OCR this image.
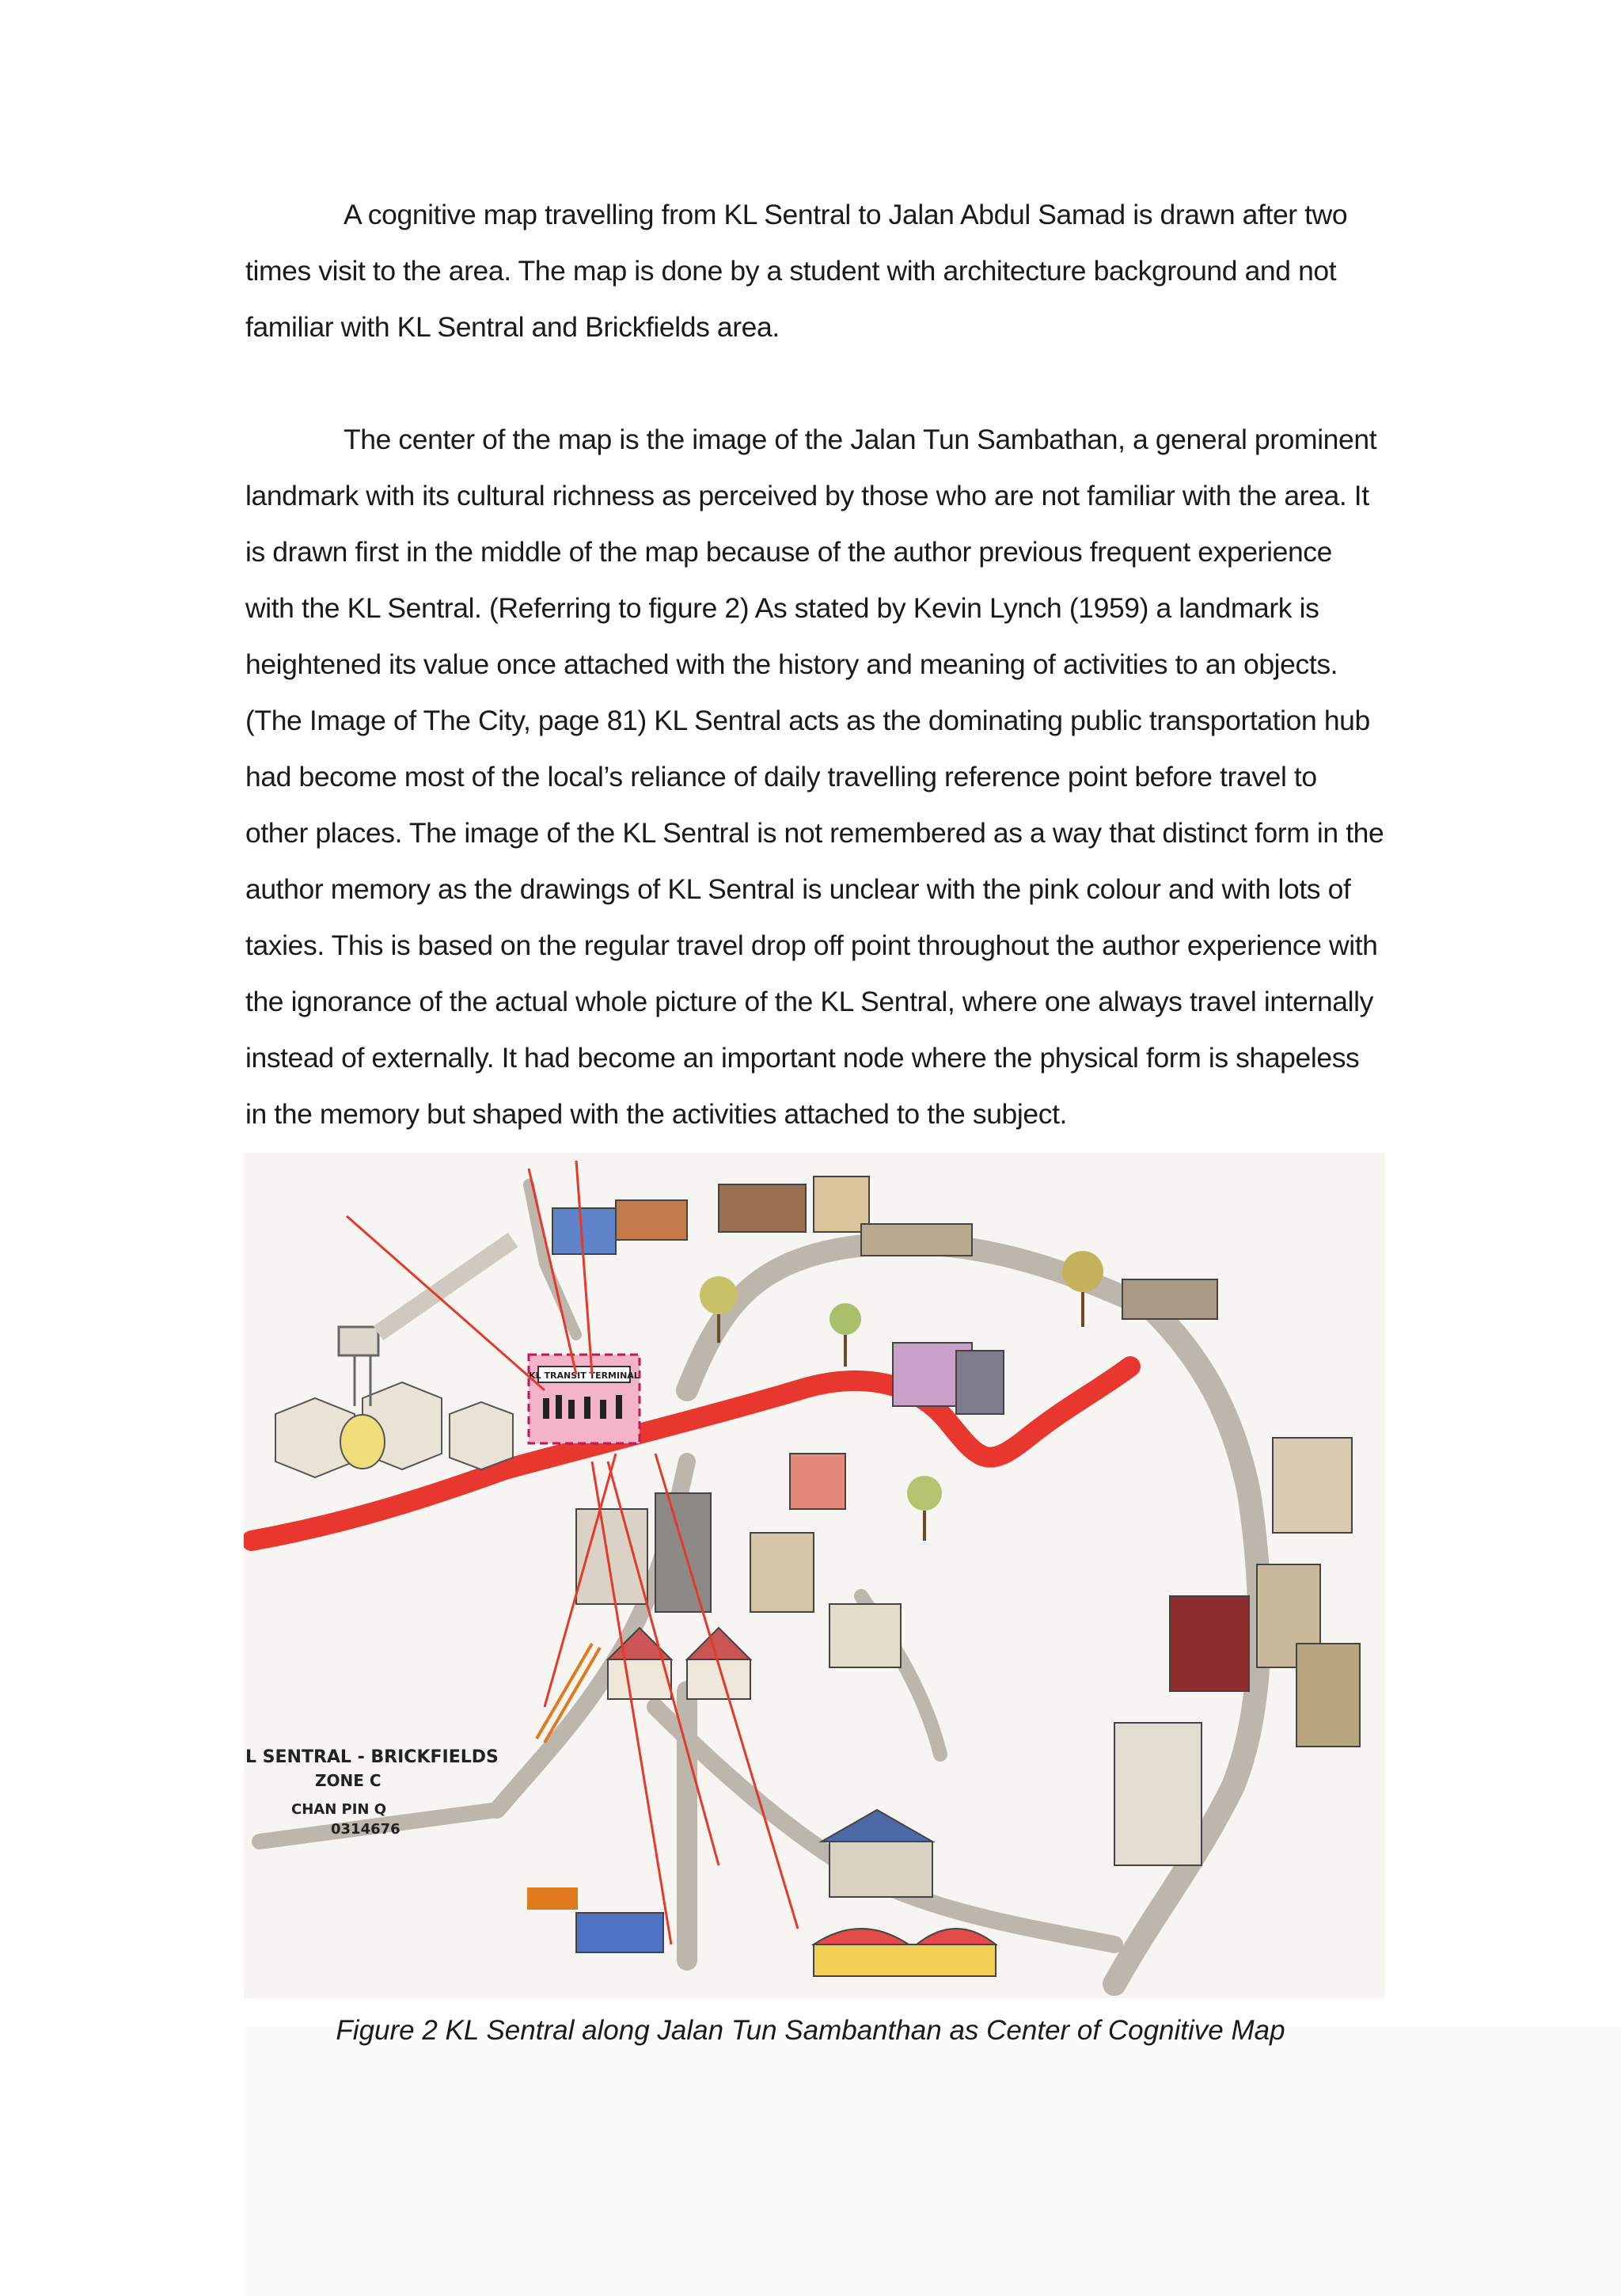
A cognitive map travelling from KL Sentral to Jalan Abdul Samad is drawn after two times visit to the area. The map is done by a student with architecture background and not familiar with KL Sentral and Brickfields area.

The center of the map is the image of the Jalan Tun Sambathan, a general prominent landmark with its cultural richness as perceived by those who are not familiar with the area. It is drawn first in the middle of the map because of the author previous frequent experience with the KL Sentral. (Referring to figure 2) As stated by Kevin Lynch (1959) a landmark is heightened its value once attached with the history and meaning of activities to an objects. (The Image of The City, page 81) KL Sentral acts as the dominating public transportation hub had become most of the local’s reliance of daily travelling reference point before travel to other places. The image of the KL Sentral is not remembered as a way that distinct form in the author memory as the drawings of KL Sentral is unclear with the pink colour and with lots of taxies. This is based on the regular travel drop off point throughout the author experience with the ignorance of the actual whole picture of the KL Sentral, where one always travel internally instead of externally. It had become an important node where the physical form is shapeless in the memory but shaped with the activities attached to the subject.

KL TRANSIT TERMINAL
L SENTRAL - BRICKFIELDS
ZONE C
CHAN PIN Q
0314676
Figure 2 KL Sentral along Jalan Tun Sambanthan as Center of Cognitive Map
